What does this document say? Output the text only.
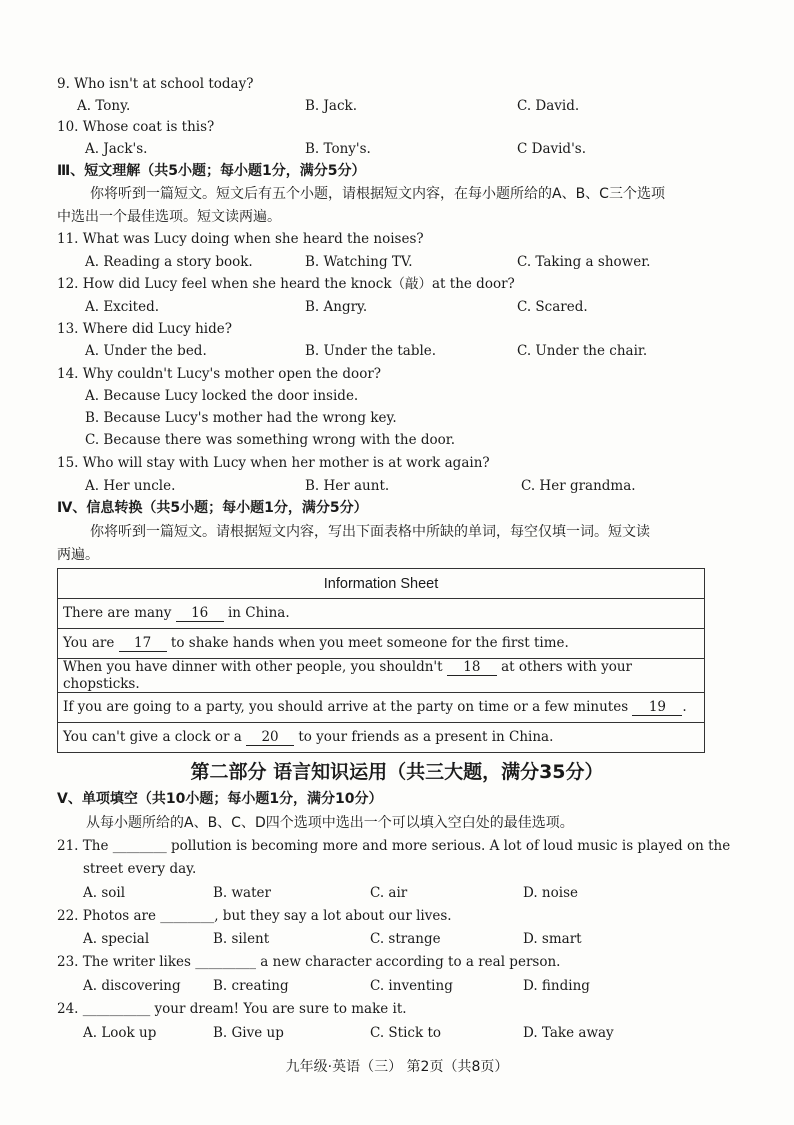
9. Who isn't at school today?
A. Tony.	B. Jack.	C. David.
10. Whose coat is this?
A. Jack's.	B. Tony's.	C David's.
Ⅲ、短文理解（共5小题；每小题1分，满分5分）
你将听到一篇短文。短文后有五个小题，请根据短文内容，在每小题所给的A、B、C三个选项
中选出一个最佳选项。短文读两遍。
11. What was Lucy doing when she heard the noises?
A. Reading a story book.	B. Watching TV.	C. Taking a shower.
12. How did Lucy feel when she heard the knock（敲）at the door?
A. Excited.	B. Angry.	C. Scared.
13. Where did Lucy hide?
A. Under the bed.	B. Under the table.	C. Under the chair.
14. Why couldn't Lucy's mother open the door?
A. Because Lucy locked the door inside.
B. Because Lucy's mother had the wrong key.
C. Because there was something wrong with the door.
15. Who will stay with Lucy when her mother is at work again?
A. Her uncle.	B. Her aunt.	C. Her grandma.
Ⅳ、信息转换（共5小题；每小题1分，满分5分）
你将听到一篇短文。请根据短文内容，写出下面表格中所缺的单词，每空仅填一词。短文读
两遍。
Information Sheet
There are many 16 in China.
You are 17 to shake hands when you meet someone for the first time.
When you have dinner with other people, you shouldn't 18 at others with your chopsticks.
If you are going to a party, you should arrive at the party on time or a few minutes 19 .
You can't give a clock or a 20 to your friends as a present in China.
第二部分 语言知识运用（共三大题，满分35分）
Ⅴ、单项填空（共10小题；每小题1分，满分10分）
从每小题所给的A、B、C、D四个选项中选出一个可以填入空白处的最佳选项。
21. The ________ pollution is becoming more and more serious. A lot of loud music is played on the
street every day.
A. soil	B. water	C. air	D. noise
22. Photos are ________, but they say a lot about our lives.
A. special	B. silent	C. strange	D. smart
23. The writer likes _________ a new character according to a real person.
A. discovering B. creating	C. inventing	D. finding
24. __________ your dream! You are sure to make it.
A. Look up	B. Give up	C. Stick to	D. Take away
九年级·英语（三） 第2页（共8页）
